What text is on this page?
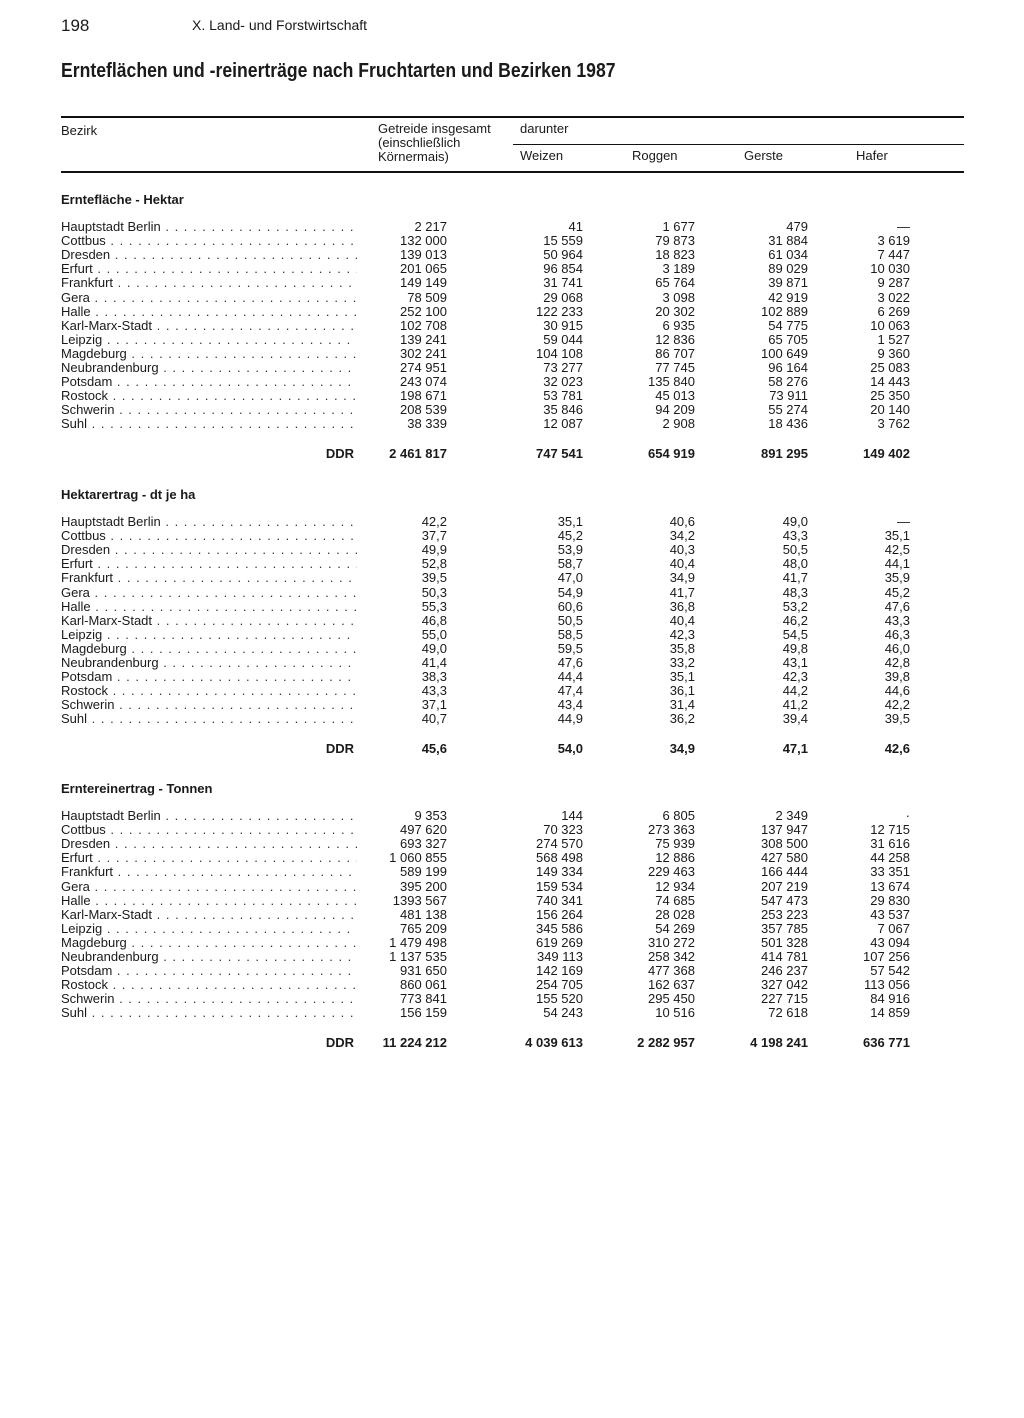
198	X. Land- und Forstwirtschaft
Ernteflächen und -reinerträge nach Fruchtarten und Bezirken 1987
Bezirk	Getreide insgesamt (einschließlich Körnermais)
darunter
Weizen	Roggen	Gerste	Hafer
Erntefläche - Hektar
Hauptstadt Berlin . . .	2 217	41	1 677	479	—
Cottbus . . .	132 000	15 559	79 873	31 884	3 619
Dresden . . .	139 013	50 964	18 823	61 034	7 447
Erfurt . . .	201 065	96 854	3 189	89 029	10 030
Frankfurt . . .	149 149	31 741	65 764	39 871	9 287
Gera . . .	78 509	29 068	3 098	42 919	3 022
Halle . . .	252 100	122 233	20 302	102 889	6 269
Karl-Marx-Stadt . . .	102 708	30 915	6 935	54 775	10 063
Leipzig . . .	139 241	59 044	12 836	65 705	1 527
Magdeburg . . .	302 241	104 108	86 707	100 649	9 360
Neubrandenburg . . .	274 951	73 277	77 745	96 164	25 083
Potsdam . . .	243 074	32 023	135 840	58 276	14 443
Rostock . . .	198 671	53 781	45 013	73 911	25 350
Schwerin . . .	208 539	35 846	94 209	55 274	20 140
Suhl . . .	38 339	12 087	2 908	18 436	3 762
DDR	2 461 817	747 541	654 919	891 295	149 402
Hektarertrag - dt je ha
Hauptstadt Berlin . . .	42,2	35,1	40,6	49,0	—
Cottbus . . .	37,7	45,2	34,2	43,3	35,1
Dresden . . .	49,9	53,9	40,3	50,5	42,5
Erfurt . . .	52,8	58,7	40,4	48,0	44,1
Frankfurt . . .	39,5	47,0	34,9	41,7	35,9
Gera . . .	50,3	54,9	41,7	48,3	45,2
Halle . . .	55,3	60,6	36,8	53,2	47,6
Karl-Marx-Stadt . . .	46,8	50,5	40,4	46,2	43,3
Leipzig . . .	55,0	58,5	42,3	54,5	46,3
Magdeburg . . .	49,0	59,5	35,8	49,8	46,0
Neubrandenburg . . .	41,4	47,6	33,2	43,1	42,8
Potsdam . . .	38,3	44,4	35,1	42,3	39,8
Rostock . . .	43,3	47,4	36,1	44,2	44,6
Schwerin . . .	37,1	43,4	31,4	41,2	42,2
Suhl . . .	40,7	44,9	36,2	39,4	39,5
DDR	45,6	54,0	34,9	47,1	42,6
Erntereinertrag - Tonnen
Hauptstadt Berlin . . .	9 353	144	6 805	2 349	·
Cottbus . . .	497 620	70 323	273 363	137 947	12 715
Dresden . . .	693 327	274 570	75 939	308 500	31 616
Erfurt . . .	1 060 855	568 498	12 886	427 580	44 258
Frankfurt . . .	589 199	149 334	229 463	166 444	33 351
Gera . . .	395 200	159 534	12 934	207 219	13 674
Halle . . .	1393 567	740 341	74 685	547 473	29 830
Karl-Marx-Stadt . . .	481 138	156 264	28 028	253 223	43 537
Leipzig . . .	765 209	345 586	54 269	357 785	7 067
Magdeburg . . .	1 479 498	619 269	310 272	501 328	43 094
Neubrandenburg . . .	1 137 535	349 113	258 342	414 781	107 256
Potsdam . . .	931 650	142 169	477 368	246 237	57 542
Rostock . . .	860 061	254 705	162 637	327 042	113 056
Schwerin . . .	773 841	155 520	295 450	227 715	84 916
Suhl . . .	156 159	54 243	10 516	72 618	14 859
DDR	11 224 212	4 039 613	2 282 957	4 198 241	636 771
